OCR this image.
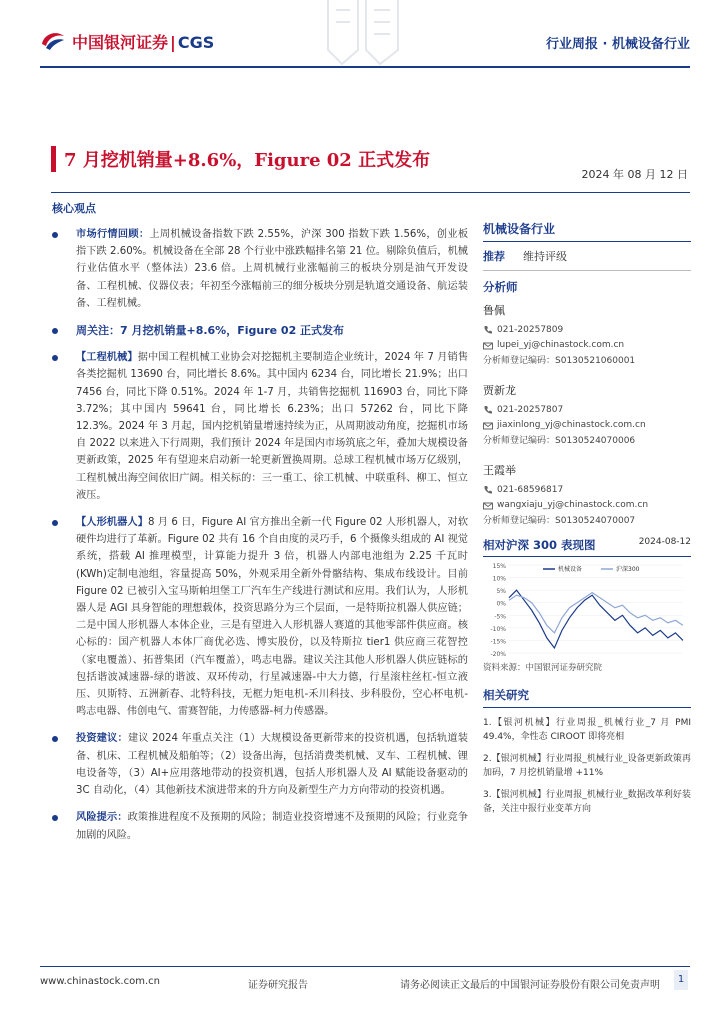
中国银河证券 | CGS	行业周报 · 机械设备行业
7 月挖机销量+8.6%，Figure 02 正式发布
2024 年 08 月 12 日
核心观点
市场行情回顾：上周机械设备指数下跌 2.55%，沪深 300 指数下跌 1.56%，创业板指下跌 2.60%。机械设备在全部 28 个行业中涨跌幅排名第 21 位。剔除负值后，机械行业估值水平（整体法）23.6 倍。上周机械行业涨幅前三的板块分别是油气开发设备、工程机械、仪器仪表；年初至今涨幅前三的细分板块分别是轨道交通设备、航运装备、工程机械。
周关注：7 月挖机销量+8.6%，Figure 02 正式发布
【工程机械】据中国工程机械工业协会对挖掘机主要制造企业统计，2024 年 7 月销售各类挖掘机 13690 台，同比增长 8.6%。其中国内 6234 台，同比增长 21.9%；出口 7456 台，同比下降 0.51%。2024 年 1-7 月，共销售挖掘机 116903 台，同比下降 3.72%；其中国内 59641 台，同比增长 6.23%；出口 57262 台，同比下降 12.3%。2024 年 3 月起，国内挖机销量增速持续为正，从周期波动角度，挖掘机市场自 2022 以来进入下行周期，我们预计 2024 年是国内市场筑底之年，叠加大规模设备更新政策，2025 年有望迎来启动新一轮更新置换周期。总球工程机械市场万亿级别，工程机械出海空间依旧广阔。相关标的：三一重工、徐工机械、中联重科、柳工、恒立液压。
【人形机器人】8 月 6 日，Figure AI 官方推出全新一代 Figure 02 人形机器人，对软硬件均进行了革新。Figure 02 共有 16 个自由度的灵巧手，6 个摄像头组成的 AI 视觉系统，搭载 AI 推理模型，计算能力提升 3 倍，机器人内部电池组为 2.25 千瓦时(KWh)定制电池组，容量提高 50%，外观采用全新外骨骼结构、集成布线设计。目前 Figure 02 已被引入宝马斯帕坦堡工厂汽车生产线进行测试和应用。我们认为，人形机器人是 AGI 具身智能的理想载体，投资思路分为三个层面，一是特斯拉机器人供应链；二是中国人形机器人本体企业，三是有望进入人形机器人赛道的其他零部件供应商。核心标的：国产机器人本体厂商优必选、博实股份，以及特斯拉 tier1 供应商三花智控（家电覆盖）、拓普集团（汽车覆盖），鸣志电器。建议关注其他人形机器人供应链标的包括谐波减速器-绿的谐波、双环传动，行星减速器-中大力德，行星滚柱丝杠-恒立液压、贝斯特、五洲新春、北特科技，无框力矩电机-禾川科技、步科股份，空心杯电机-鸣志电器、伟创电气、雷赛智能，力传感器-柯力传感器。
投资建议：建议 2024 年重点关注（1）大规模设备更新带来的投资机遇，包括轨道装备、机床、工程机械及船舶等；（2）设备出海，包括消费类机械、叉车、工程机械、锂电设备等，（3）AI+应用落地带动的投资机遇，包括人形机器人及 AI 赋能设备驱动的 3C 自动化，（4）其他新技术演进带来的升方向及新型生产力方向带动的投资机遇。
风险提示：政策推进程度不及预期的风险；制造业投资增速不及预期的风险；行业竞争加剧的风险。
机械设备行业
推荐 维持评级
分析师
鲁佩
021-20257809
lupei_yj@chinastock.com.cn
分析师登记编码：S0130521060001
贾新龙
021-20257807
jiaxinlong_yj@chinastock.com.cn
分析师登记编码：S0130524070006
王霞举
021-68596817
wangxiaju_yj@chinastock.com.cn
分析师登记编码：S0130524070007
相对沪深 300 表现图	2024-08-12
15%
10%
5%
0%
-5%
-10%
-15%
-20%
机械设备	沪深300
资料来源：中国银河证券研究院
相关研究
1.【银河机械】行业周报_机械行业_7 月 PMI 49.4%，伞性态 CIROOT 即将亮相
2.【银河机械】行业周报_机械行业_设备更新政策再加码，7 月挖机销量增 +11%
3.【银河机械】行业周报_机械行业_数据改革利好装备，关注中报行业变革方向
www.chinastock.com.cn	证券研究报告	请务必阅读正文最后的中国银河证券股份有限公司免责声明
1
